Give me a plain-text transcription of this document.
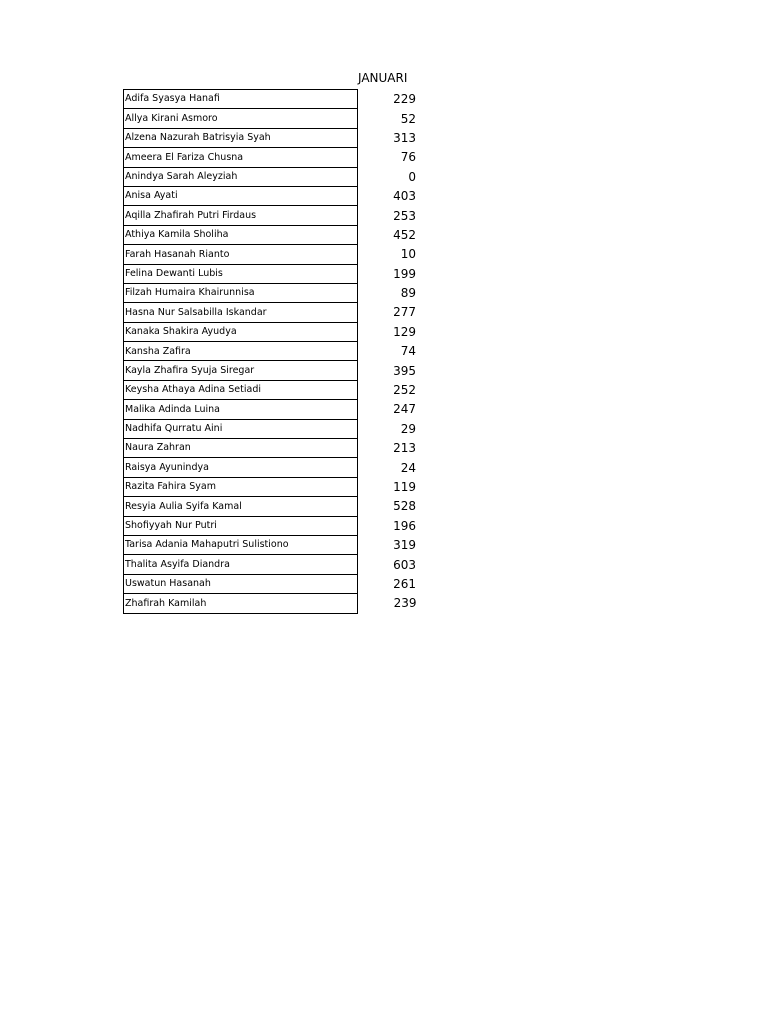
JANUARI
Adifa Syasya Hanafi	229
Allya Kirani Asmoro	52
Alzena Nazurah Batrisyia Syah	313
Ameera El Fariza Chusna	76
Anindya Sarah Aleyziah	0
Anisa Ayati	403
Aqilla Zhafirah Putri Firdaus	253
Athiya Kamila Sholiha	452
Farah Hasanah Rianto	10
Felina Dewanti Lubis	199
Filzah Humaira Khairunnisa	89
Hasna Nur Salsabilla Iskandar	277
Kanaka Shakira Ayudya	129
Kansha Zafira	74
Kayla Zhafira Syuja Siregar	395
Keysha Athaya Adina Setiadi	252
Malika Adinda Luina	247
Nadhifa Qurratu Aini	29
Naura Zahran	213
Raisya Ayunindya	24
Razita Fahira Syam	119
Resyia Aulia Syifa Kamal	528
Shofiyyah Nur Putri	196
Tarisa Adania Mahaputri Sulistiono	319
Thalita Asyifa Diandra	603
Uswatun Hasanah	261
Zhafirah Kamilah	239
